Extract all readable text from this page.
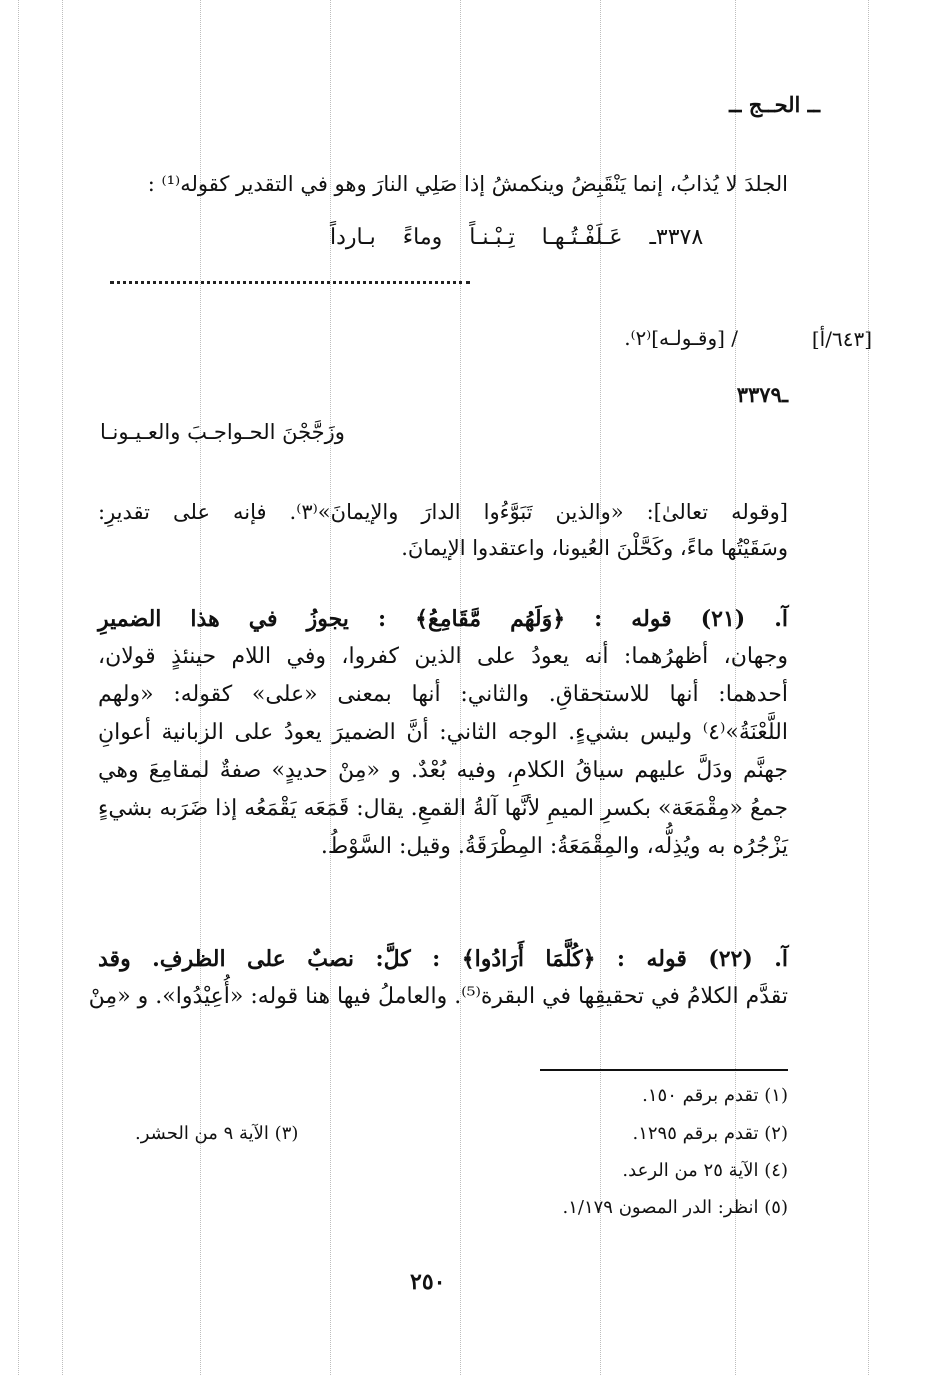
ــ الحــج ــ
الجلدَ لا يُذابُ، إنما يَنْقَبِضُ وينكمشُ إذا صَلِي النارَ وهو في التقدير كقوله⁽¹⁾ :
٣٣٧٨ـ عَـلَفْـتُـهـا تِـبْـنـاً وماءً بـارداً
[٦٤٣/أ]
/ [وقـولـه]⁽٢⁾.
ـ٣٣٧٩
وزَجَّجْنَ الحـواجـبَ والعـيـونـا
[وقوله تعالىٰ]: «والذين تَبَوَّءُوا الدارَ والإيمانَ»⁽٣⁾. فإنه على تقديرِ:
وسَقَيْتُها ماءً، وكَحَّلْنَ العُيونا، واعتقدوا الإيمانَ.
آ. (٢١) قوله : ﴿وَلَهُم مَّقَامِعُ﴾ : يجوزُ في هذا الضميرِ
وجهان، أظهرُهما: أنه يعودُ على الذين كفروا، وفي اللام حينئذٍ قولان،
أحدهما: أنها للاستحقاقِ. والثاني: أنها بمعنى «على» كقوله: «ولهم
اللَّعْنَةُ»⁽٤⁾ وليس بشيءٍ. الوجه الثاني: أنَّ الضميرَ يعودُ على الزبانية أعوانِ
جهنَّم ودَلَّ عليهم سياقُ الكلامِ، وفيه بُعْدٌ. و «مِنْ حديدٍ» صفةٌ لمقامِعَ وهي
جمعُ «مِقْمَعَة» بكسرِ الميمِ لأنَّها آلةُ القمعِ. يقال: قَمَعَه يَقْمَعُه إذا ضَرَبه بشيءٍ
يَزْجُرُه به ويُذِلُّه، والمِقْمَعَةُ: المِطْرَقَةُ. وقيل: السَّوْطُ.
آ. (٢٢) قوله : ﴿كُلَّمَا أَرَادُوا﴾ : كلَّ: نصبٌ على الظرفِ. وقد
تقدَّم الكلامُ في تحقيقِها في البقرة⁽⁵⁾. والعاملُ فيها هنا قوله: «أُعِيْدُوا». و «مِنْ
(١) تقدم برقم ١٥٠.
(٢) تقدم برقم ١٢٩٥.
(٣) الآية ٩ من الحشر.
(٤) الآية ٢٥ من الرعد.
(٥) انظر: الدر المصون ١/١٧٩.
٢٥٠
